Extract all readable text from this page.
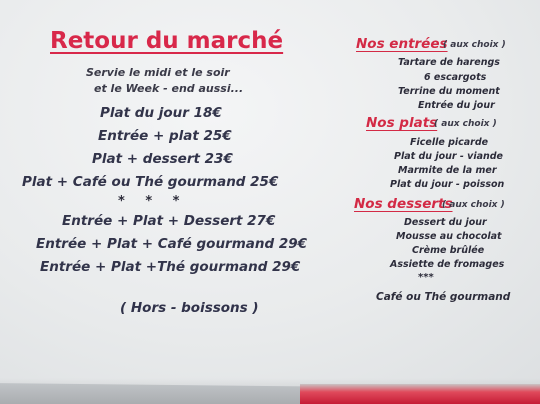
Retour du marché
Servie le midi et le soir
et le Week - end aussi...
Plat du jour 18€
Entrée + plat 25€
Plat + dessert 23€
Plat + Café ou Thé gourmand 25€
* * *
Entrée + Plat + Dessert 27€
Entrée + Plat + Café gourmand 29€
Entrée + Plat +Thé gourmand 29€
( Hors - boissons )
Nos entrées
( aux choix )
Tartare de harengs
6 escargots
Terrine du moment
Entrée du jour
Nos plats
( aux choix )
Ficelle picarde
Plat du jour - viande
Marmite de la mer
Plat du jour - poisson
Nos desserts
( aux choix )
Dessert du jour
Mousse au chocolat
Crème brûlée
Assiette de fromages
***
Café ou Thé gourmand
